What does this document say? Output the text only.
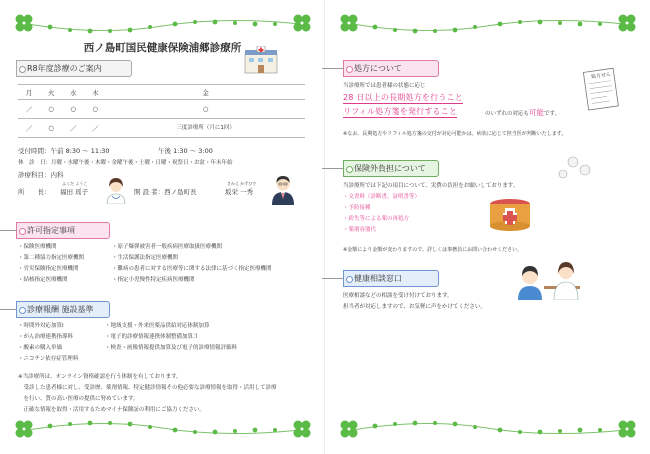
西ノ島町国民健康保険浦郷診療所
R8年度診療のご案内
月	火	水	木	金
／	○	○	○	○
／	○	／	／	三度診療所（月に1回）
受付時間：午前 8:30 ～ 11:30	午後 1:30 ～ 3:00
休　診　日：月曜・水曜午後・木曜・金曜午後・土曜・日曜・祝祭日・お盆・年末年始
診療科目：内科
ふくだ ようこ
所　　長： 福田 瑶子
さかえ かずひで
開 設 者：西ノ島町長	坂栄 一秀
許可指定事項
・保険医療機関
・第二種協力指定医療機関
・労災保険指定医療機関
・結核指定医療機関
・原子爆弾被害者一般疾病医療取扱医療機関
・生活保護法指定医療機関
・難病の患者に対する医療等に関する法律に基づく指定医療機関
・指定小児慢性特定疾病医療機関
診療報酬 施設基準
・時間外対応加算Ⅰ
・がん治療連携指導料
・酸素の購入単価
・ニコチン依存症管理料
・地域支援・外来医薬品供給対応体制加算
・電子的診療情報連携体制整備加算３
・検査・画像情報提供加算及び電子的診療情報評価料
※当診療所は、オンライン資格確認を行う体制を有しております。
　受診した患者様に対し、受診歴、薬剤情報、特定健診情報その他必要な診療情報を取得・活用して診療
　を行い、質の高い医療の提供に努めています。
　正確な情報を取得・活用するためマイナ保険証の利用にご協力ください。
処方について
処方せん
当診療所では患者様の状態に応じ
28 日以上の長期処方を行うこと
リフィル処方箋を発行すること	のいずれの対応も可能です。
※なお、長期処方やリフィル処方箋の交付が対応可能かは、病状に応じて担当医が判断いたします。
保険外負担について
当診療所では下記の項目について、実費の負担をお願いしております。
・文書料（診断書、証明書等）
・予防接種
・紛失等による薬の再処方
・薬剤容器代
※金額により金額が変わりますので、詳しくは事務員にお問い合わせください。
健康相談窓口
医療相談などの相談を受け付けております。
担当者が対応しますので、お気軽に声をかけてください。
